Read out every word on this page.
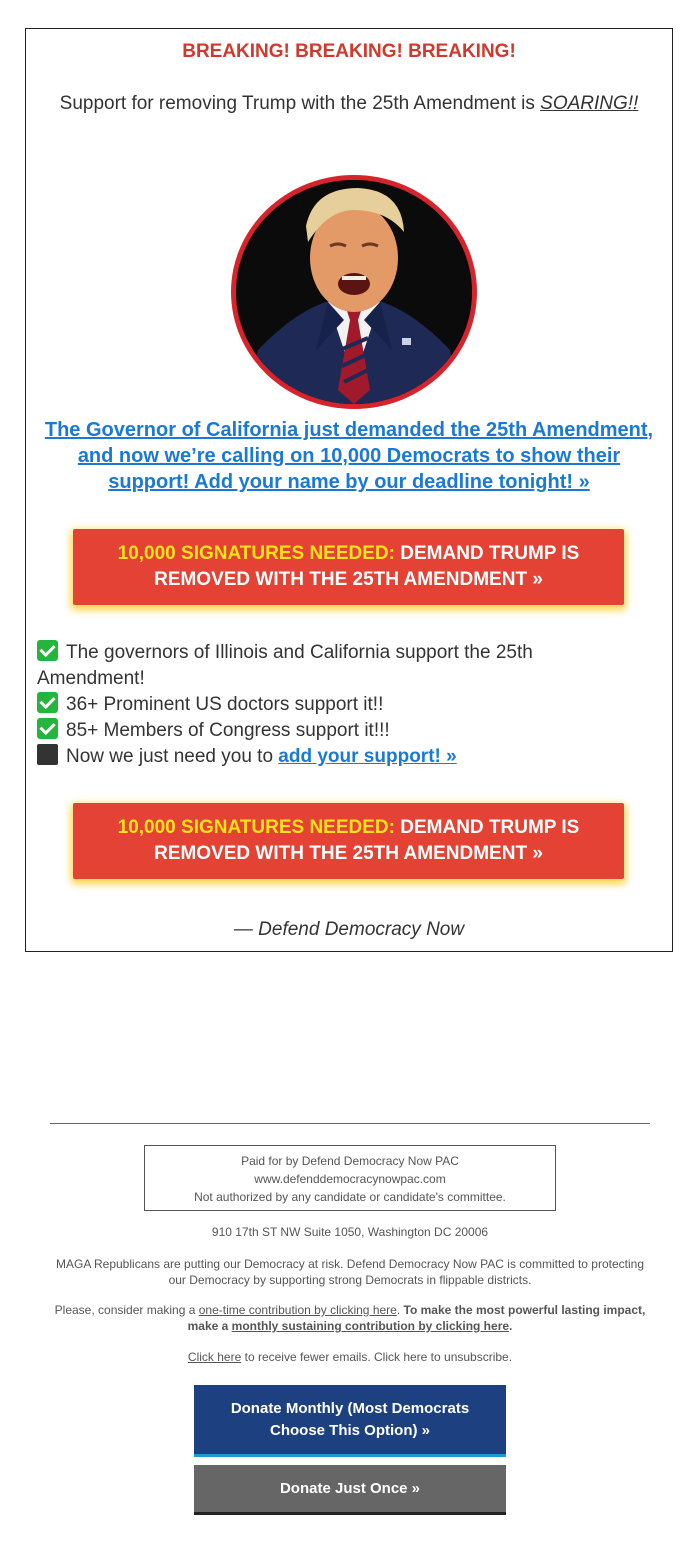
BREAKING! BREAKING! BREAKING!
Support for removing Trump with the 25th Amendment is SOARING!!
The Governor of California just demanded the 25th Amendment, and now we’re calling on 10,000 Democrats to show their support! Add your name by our deadline tonight! »
10,000 SIGNATURES NEEDED: DEMAND TRUMP IS REMOVED WITH THE 25TH AMENDMENT »
The governors of Illinois and California support the 25th Amendment!
36+ Prominent US doctors support it!!
85+ Members of Congress support it!!!
Now we just need you to add your support! »
10,000 SIGNATURES NEEDED: DEMAND TRUMP IS REMOVED WITH THE 25TH AMENDMENT »
— Defend Democracy Now
Paid for by Defend Democracy Now PAC
www.defenddemocracynowpac.com
Not authorized by any candidate or candidate's committee.
910 17th ST NW Suite 1050, Washington DC 20006
MAGA Republicans are putting our Democracy at risk. Defend Democracy Now PAC is committed to protecting our Democracy by supporting strong Democrats in flippable districts.
Please, consider making a one-time contribution by clicking here. To make the most powerful lasting impact, make a monthly sustaining contribution by clicking here.
Click here to receive fewer emails. Click here to unsubscribe.
Donate Monthly (Most Democrats Choose This Option) »
Donate Just Once »
